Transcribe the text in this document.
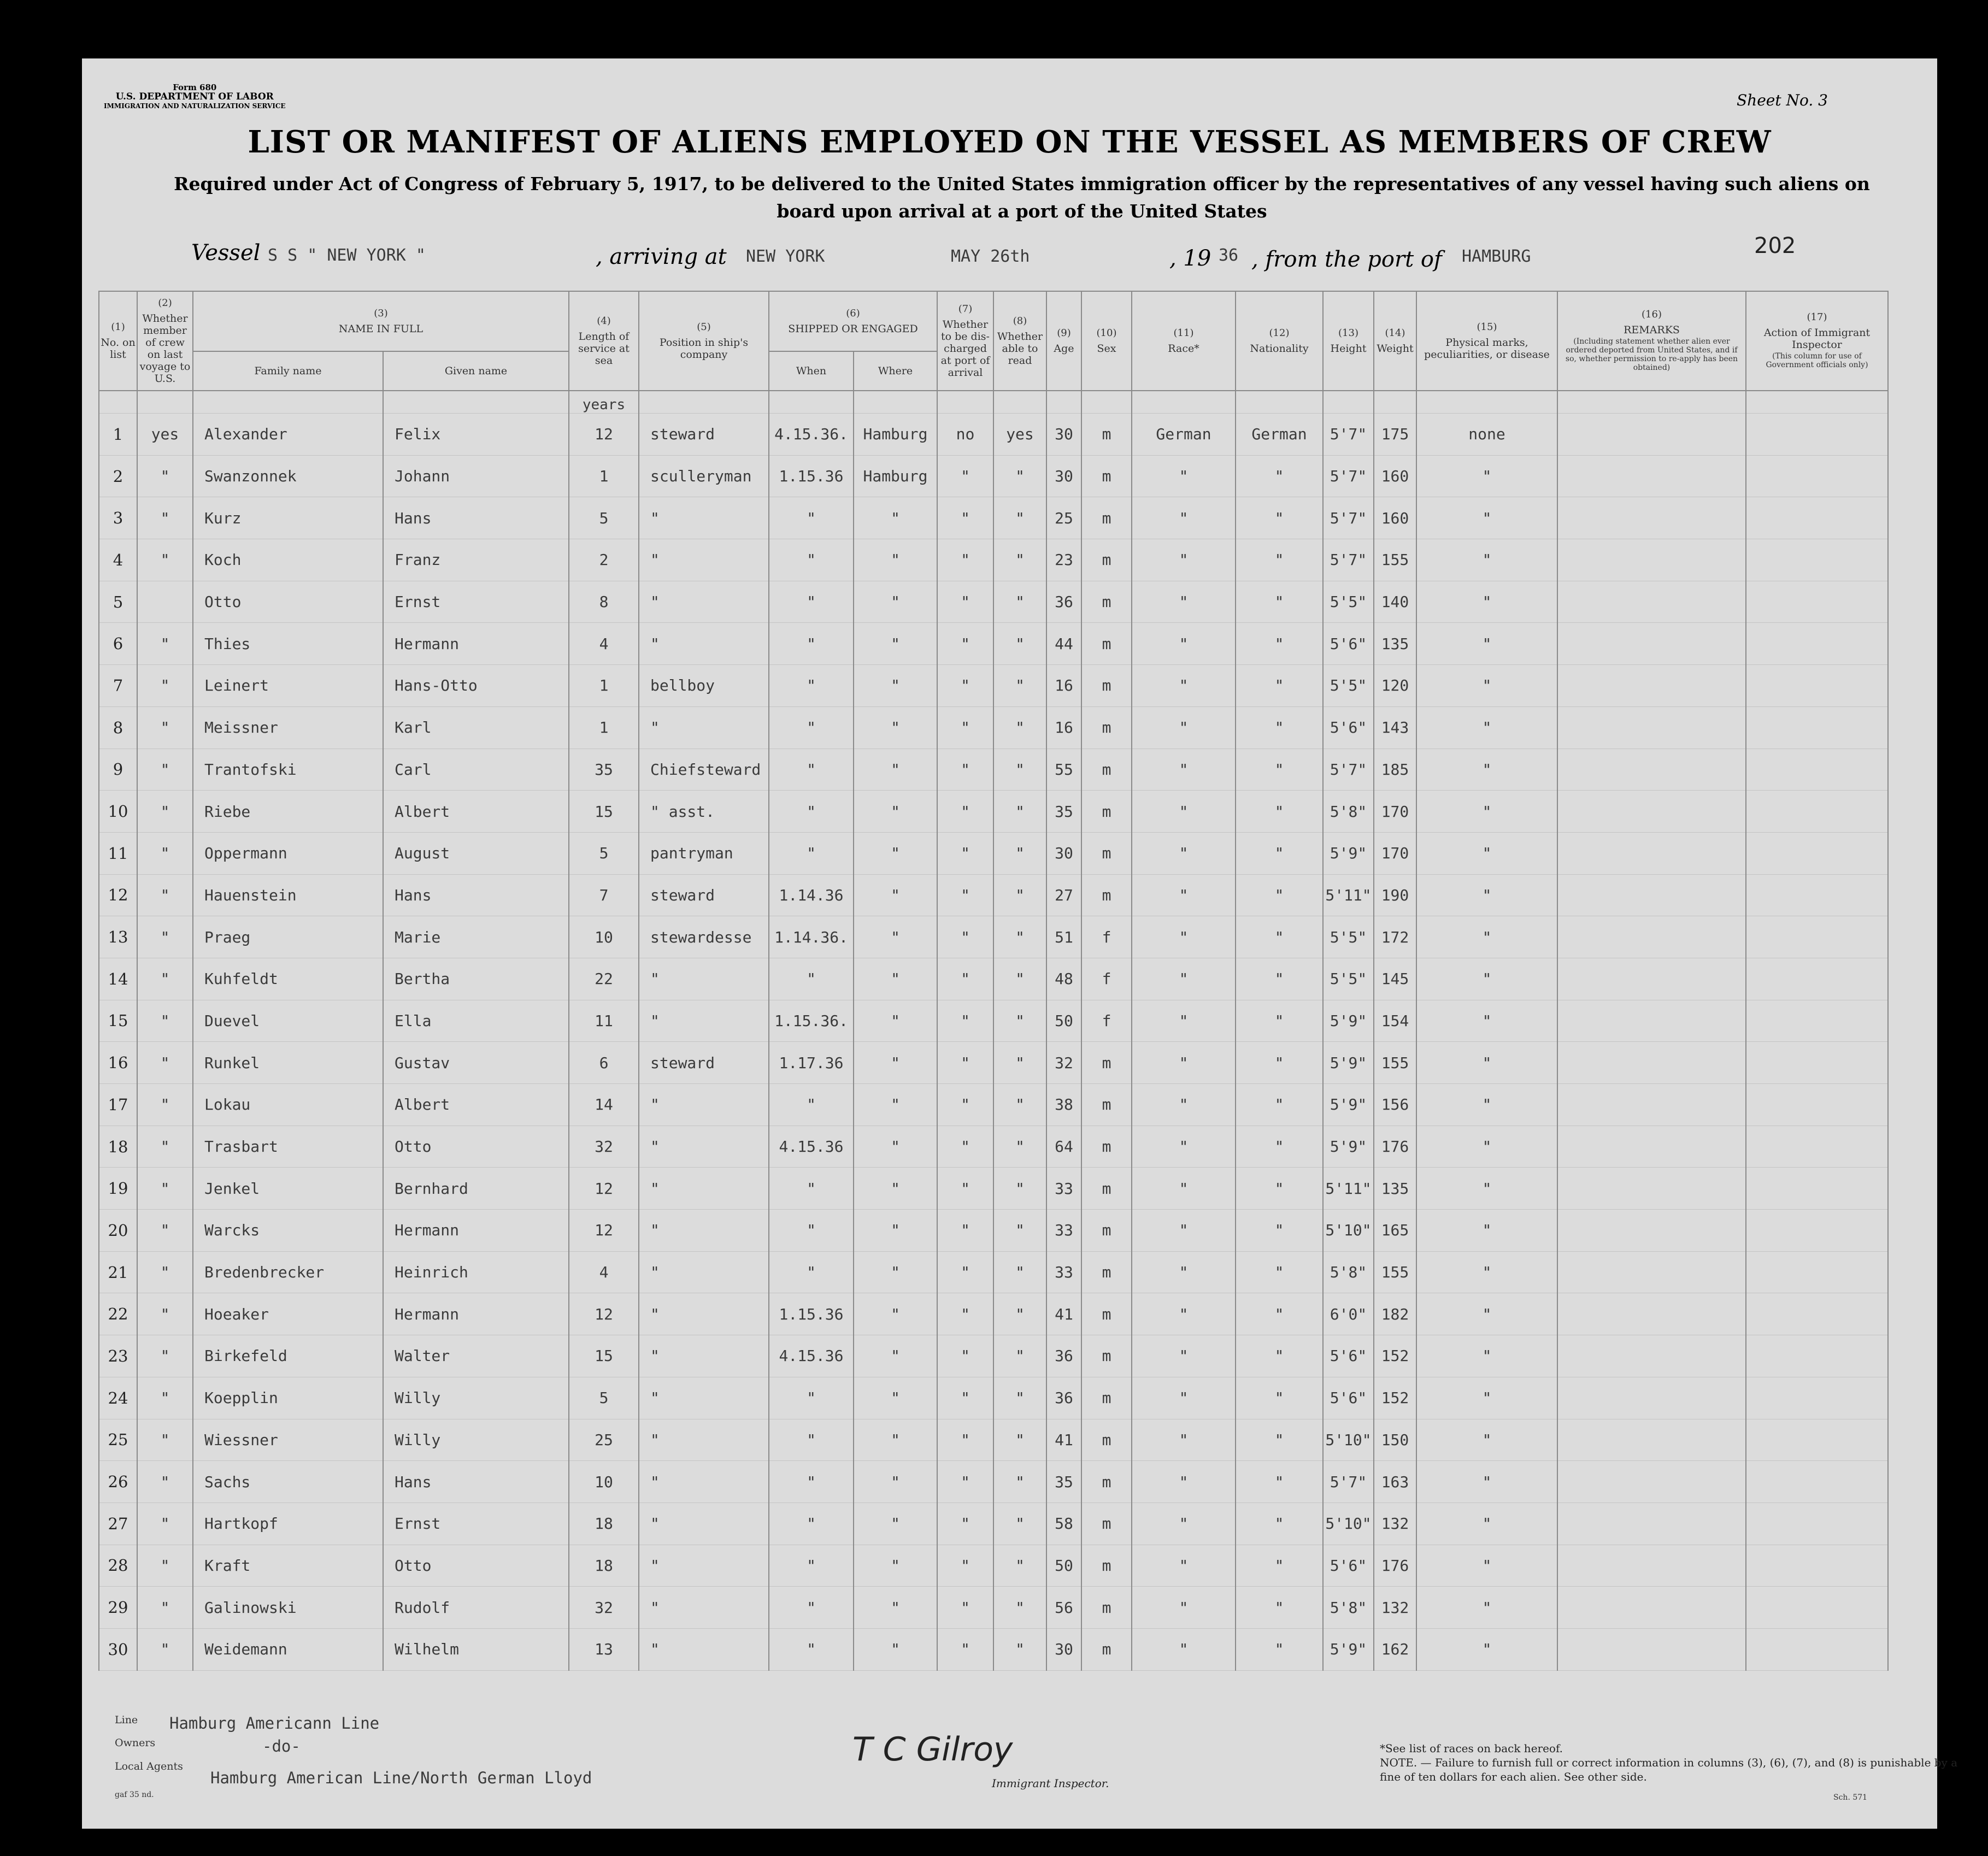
Form 680
U.S. DEPARTMENT OF LABOR
IMMIGRATION AND NATURALIZATION SERVICE	Sheet No. 3
LIST OR MANIFEST OF ALIENS EMPLOYED ON THE VESSEL AS MEMBERS OF CREW
Required under Act of Congress of February 5, 1917, to be delivered to the United States immigration officer by the representatives of any vessel having such aliens on board upon arrival at a port of the United States
Vessel S S " NEW YORK "	, arriving at NEW YORK	MAY 26th	, 19 36 , from the port of HAMBURG	202
(1)
No. on list	(2)
Whether member of crew on last voyage to U.S.	(3)
NAME IN FULL		(4)
Length of service at sea	(5)
Position in ship's company	(6)
SHIPPED OR ENGAGED		(7)
Whether to be dis-charged at port of arrival	(8)
Whether able to read	(9)
Age	(10)
Sex	(11)
Race*	(12)
Nationality	(13)
Height	(14)
Weight	(15)
Physical marks, peculiarities, or disease	(16)
REMARKS

(Including statement whether alien ever ordered deported from United States, and if so, whether permission to re-apply has been obtained)	(17)
Action of Immigrant Inspector

(This column for use of Government officials only)

		Family name	Given name			When	Where											
				years														
1	yes	Alexander	Felix	12	steward	4.15.36.	Hamburg	no	yes	30	m	German	German	5'7"	175	none		
2	"	Swanzonnek	Johann	1	sculleryman	1.15.36	Hamburg	"	"	30	m	"	"	5'7"	160	"		
3	"	Kurz	Hans	5	"	"	"	"	"	25	m	"	"	5'7"	160	"		
4	"	Koch	Franz	2	"	"	"	"	"	23	m	"	"	5'7"	155	"		
5		Otto	Ernst	8	"	"	"	"	"	36	m	"	"	5'5"	140	"		
6	"	Thies	Hermann	4	"	"	"	"	"	44	m	"	"	5'6"	135	"		
7	"	Leinert	Hans-Otto	1	bellboy	"	"	"	"	16	m	"	"	5'5"	120	"		
8	"	Meissner	Karl	1	"	"	"	"	"	16	m	"	"	5'6"	143	"		
9	"	Trantofski	Carl	35	Chiefsteward	"	"	"	"	55	m	"	"	5'7"	185	"		
10	"	Riebe	Albert	15	" asst.	"	"	"	"	35	m	"	"	5'8"	170	"		
11	"	Oppermann	August	5	pantryman	"	"	"	"	30	m	"	"	5'9"	170	"		
12	"	Hauenstein	Hans	7	steward	1.14.36	"	"	"	27	m	"	"	5'11"	190	"		
13	"	Praeg	Marie	10	stewardesse	1.14.36.	"	"	"	51	f	"	"	5'5"	172	"		
14	"	Kuhfeldt	Bertha	22	"	"	"	"	"	48	f	"	"	5'5"	145	"		
15	"	Duevel	Ella	11	"	1.15.36.	"	"	"	50	f	"	"	5'9"	154	"		
16	"	Runkel	Gustav	6	steward	1.17.36	"	"	"	32	m	"	"	5'9"	155	"		
17	"	Lokau	Albert	14	"	"	"	"	"	38	m	"	"	5'9"	156	"		
18	"	Trasbart	Otto	32	"	4.15.36	"	"	"	64	m	"	"	5'9"	176	"		
19	"	Jenkel	Bernhard	12	"	"	"	"	"	33	m	"	"	5'11"	135	"		
20	"	Warcks	Hermann	12	"	"	"	"	"	33	m	"	"	5'10"	165	"		
21	"	Bredenbrecker	Heinrich	4	"	"	"	"	"	33	m	"	"	5'8"	155	"		
22	"	Hoeaker	Hermann	12	"	1.15.36	"	"	"	41	m	"	"	6'0"	182	"		
23	"	Birkefeld	Walter	15	"	4.15.36	"	"	"	36	m	"	"	5'6"	152	"		
24	"	Koepplin	Willy	5	"	"	"	"	"	36	m	"	"	5'6"	152	"		
25	"	Wiessner	Willy	25	"	"	"	"	"	41	m	"	"	5'10"	150	"		
26	"	Sachs	Hans	10	"	"	"	"	"	35	m	"	"	5'7"	163	"		
27	"	Hartkopf	Ernst	18	"	"	"	"	"	58	m	"	"	5'10"	132	"		
28	"	Kraft	Otto	18	"	"	"	"	"	50	m	"	"	5'6"	176	"		
29	"	Galinowski	Rudolf	32	"	"	"	"	"	56	m	"	"	5'8"	132	"		
30	"	Weidemann	Wilhelm	13	"	"	"	"	"	30	m	"	"	5'9"	162	"		
Line Hamburg Americann Line
Owners	-do-
Local Agents
Hamburg American Line/North German Lloyd
gaf 35 nd.
T C Gilroy
Immigrant Inspector.
*See list of races on back hereof.
NOTE. — Failure to furnish full or correct information in columns (3), (6), (7), and (8) is punishable by a fine of ten dollars for each alien. See other side.
Sch. 571
